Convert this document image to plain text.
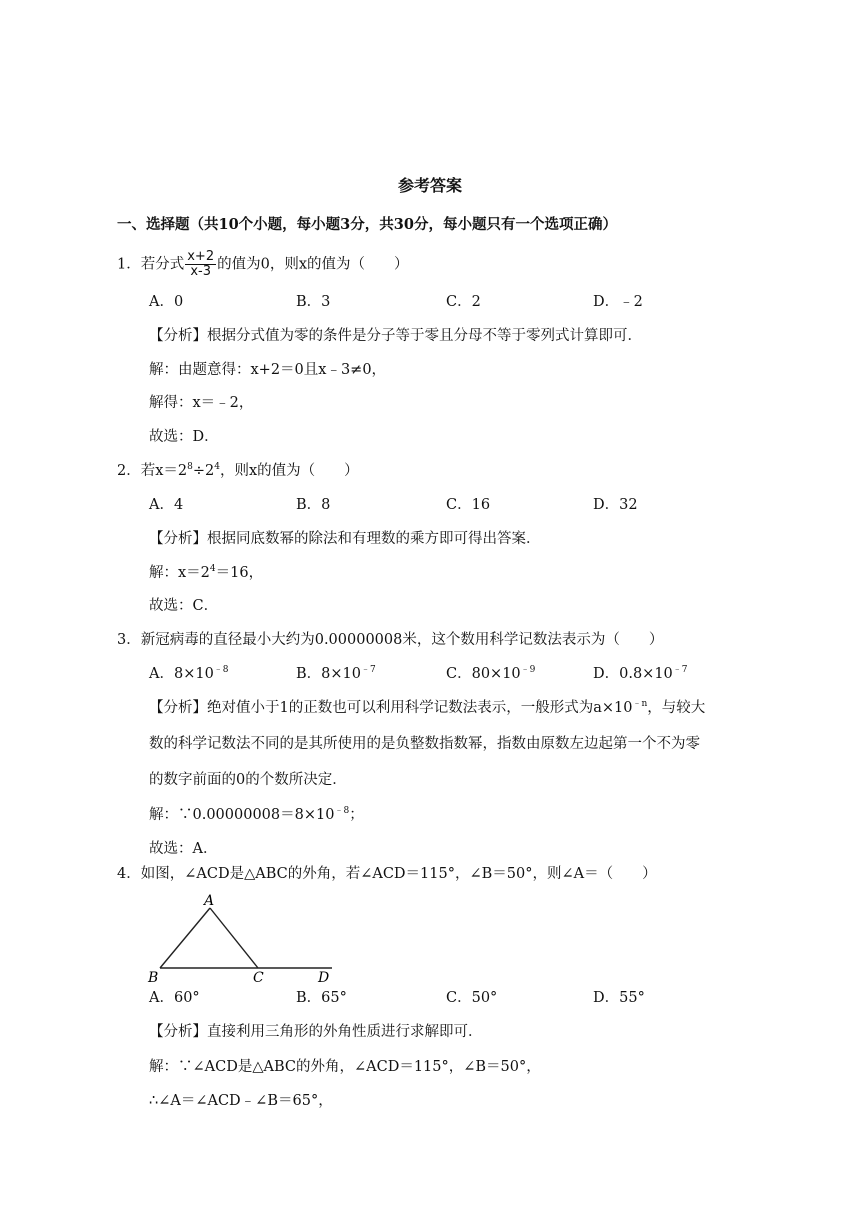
参考答案
一、选择题（共10个小题，每小题3分，共30分，每小题只有一个选项正确）
1．若分式 $\frac{x+2}{x-3}$ 的值为0，则x的值为（　　）
A．0	B．3	C．2	D．﹣2
【分析】根据分式值为零的条件是分子等于零且分母不等于零列式计算即可．
解：由题意得：x+2＝0且x﹣3≠0，
解得：x＝﹣2，
故选：D．
2．若$x=2^8\div 2^4$，则x的值为（　　）
A．4	B．8	C．16	D．32
【分析】根据同底数幂的除法和有理数的乘方即可得出答案．
解：$x=2^4=16$，
故选：C．
3．新冠病毒的直径最小大约为0.00000008米，这个数用科学记数法表示为（　　）
A．$8\times 10^{﹣8}$	B．$8\times 10^{﹣7}$	C．$80\times 10^{﹣9}$	D．$0.8\times 10^{﹣7}$
【分析】绝对值小于1的正数也可以利用科学记数法表示，一般形式为$a\times 10^{﹣n}$，与较大
数的科学记数法不同的是其所使用的是负整数指数幂，指数由原数左边起第一个不为零
的数字前面的0的个数所决定．
解：$\because 0.00000008=8\times 10^{﹣8}$；
故选：A．
4．如图，∠ACD是△ABC的外角，若∠ACD＝115°，∠B＝50°，则∠A＝（　　）
A
B	C	D
A．60°	B．65°	C．50°	D．55°
【分析】直接利用三角形的外角性质进行求解即可．
解：∵∠ACD是△ABC的外角，∠ACD＝115°，∠B＝50°，
∴∠A＝∠ACD﹣∠B＝65°，
